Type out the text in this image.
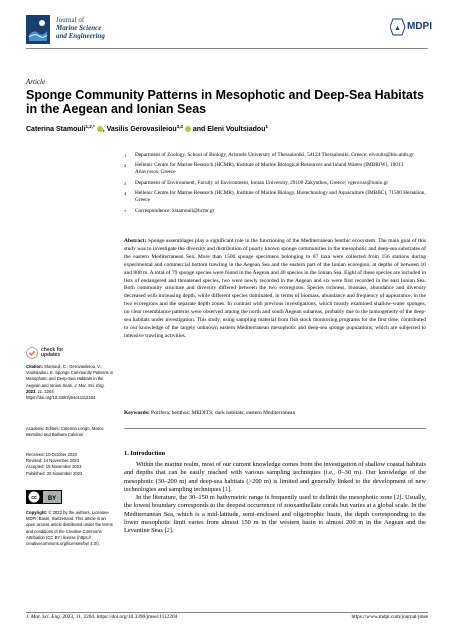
Journal of
Marine Science
and Engineering
▲ MDPI
Article
Sponge Community Patterns in Mesophotic and Deep-Sea Habitats in the Aegean and Ionian Seas
Caterina Stamouli$^{1,2,*}$ , Vasilis Gerovasileiou$^{3,4}$  and Eleni Voultsiadou$^1$
1	Department of Zoology, School of Biology, Aristotle University of Thessaloniki, 54124 Thessaloniki, Greece; elvoults@bio.auth.gr
2	Hellenic Centre for Marine Research (HCMR), Institute of Marine Biological Resources and Inland Waters (IMBRIW), 19013 Anavyssos, Greece
3	Department of Environment, Faculty of Environment, Ionian University, 29100 Zakynthos, Greece; vgerovas@ionio.gr
4	Hellenic Centre for Marine Research (HCMR), Institute of Marine Biology, Biotechnology and Aquaculture (IMBBC), 71500 Heraklion, Greece
*	Correspondence: kstamouli@hcmr.gr
Abstract: Sponge assemblages play a significant role in the functioning of the Mediterranean benthic ecosystem. The main goal of this study was to investigate the diversity and distribution of poorly known sponge communities in the mesophotic and deep-sea substrates of the eastern Mediterranean Sea. More than 1500 sponge specimens belonging to 87 taxa were collected from 156 stations during experimental and commercial bottom trawling in the Aegean Sea and the eastern part of the Ionian ecoregion, at depths of between 10 and 800 m. A total of 79 sponge species were found in the Aegean and 40 species in the Ionian Sea. Eight of these species are included in lists of endangered and threatened species, two were newly recorded in the Aegean and six were first recorded in the east Ionian Sea. Both community structure and diversity differed between the two ecoregions. Species richness, biomass, abundance and diversity decreased with increasing depth, while different species dominated, in terms of biomass, abundance and frequency of appearance, in the two ecoregions and the separate depth zones. In contrast with previous investigations, which mostly examined shallow-water sponges, no clear resemblance patterns were observed among the north and south Aegean subareas, probably due to the homogeneity of the deep-sea habitats under investigation. This study, using sampling material from fish stock monitoring programs for the first time, contributed to our knowledge of the largely unknown eastern Mediterranean mesophotic and deep-sea sponge populations, which are subjected to intensive trawling activities.
Keywords: Porifera; benthos; MEDITS; dark habitats; eastern Mediterranean
1. Introduction

Within the marine realm, most of our current knowledge comes from the investigation of shallow coastal habitats and depths that can be easily reached with various sampling techniques (i.e., 0–30 m). Our knowledge of the mesophotic (30–200 m) and deep-sea habitats (>200 m) is limited and generally linked to the development of new technologies and sampling techniques [1].

In the literature, the 30–150 m bathymetric range is frequently used to delimit the mesophotic zone [2]. Usually, the lowest boundary corresponds to the deepest occurrence of zooxanthellate corals but varies at a global scale. In the Mediterranean Sea, which is a mid-latitude, semi-enclosed and oligotrophic basin, the depth corresponding to the lower mesophotic limit varies from almost 150 m in the western basin to almost 200 m in the Aegean and the Levantine Seas [2].

check for
updates
Citation: Stamouli, C.; Gerovasileiou, V.; Voultsiadou, E. Sponge Community Patterns in Mesophotic and Deep-Sea Habitats in the Aegean and Ionian Seas. J. Mar. Sci. Eng. 2023, 11, 2204. https://doi.org/10.3390/jmse11112204
Academic Editors: Caterina Longo, Marco Bertolino and Barbara Calcinai
Received: 10 October 2023
Revised: 14 November 2023
Accepted: 15 November 2023
Published: 20 November 2023
cc BY
Copyright: © 2023 by the authors. Licensee MDPI, Basel, Switzerland. This article is an open access article distributed under the terms and conditions of the Creative Commons Attribution (CC BY) license (https:// creativecommons.org/licenses/by/ 4.0/).
J. Mar. Sci. Eng. 2023, 11, 2204. https://doi.org/10.3390/jmse11112204	https://www.mdpi.com/journal/jmse
